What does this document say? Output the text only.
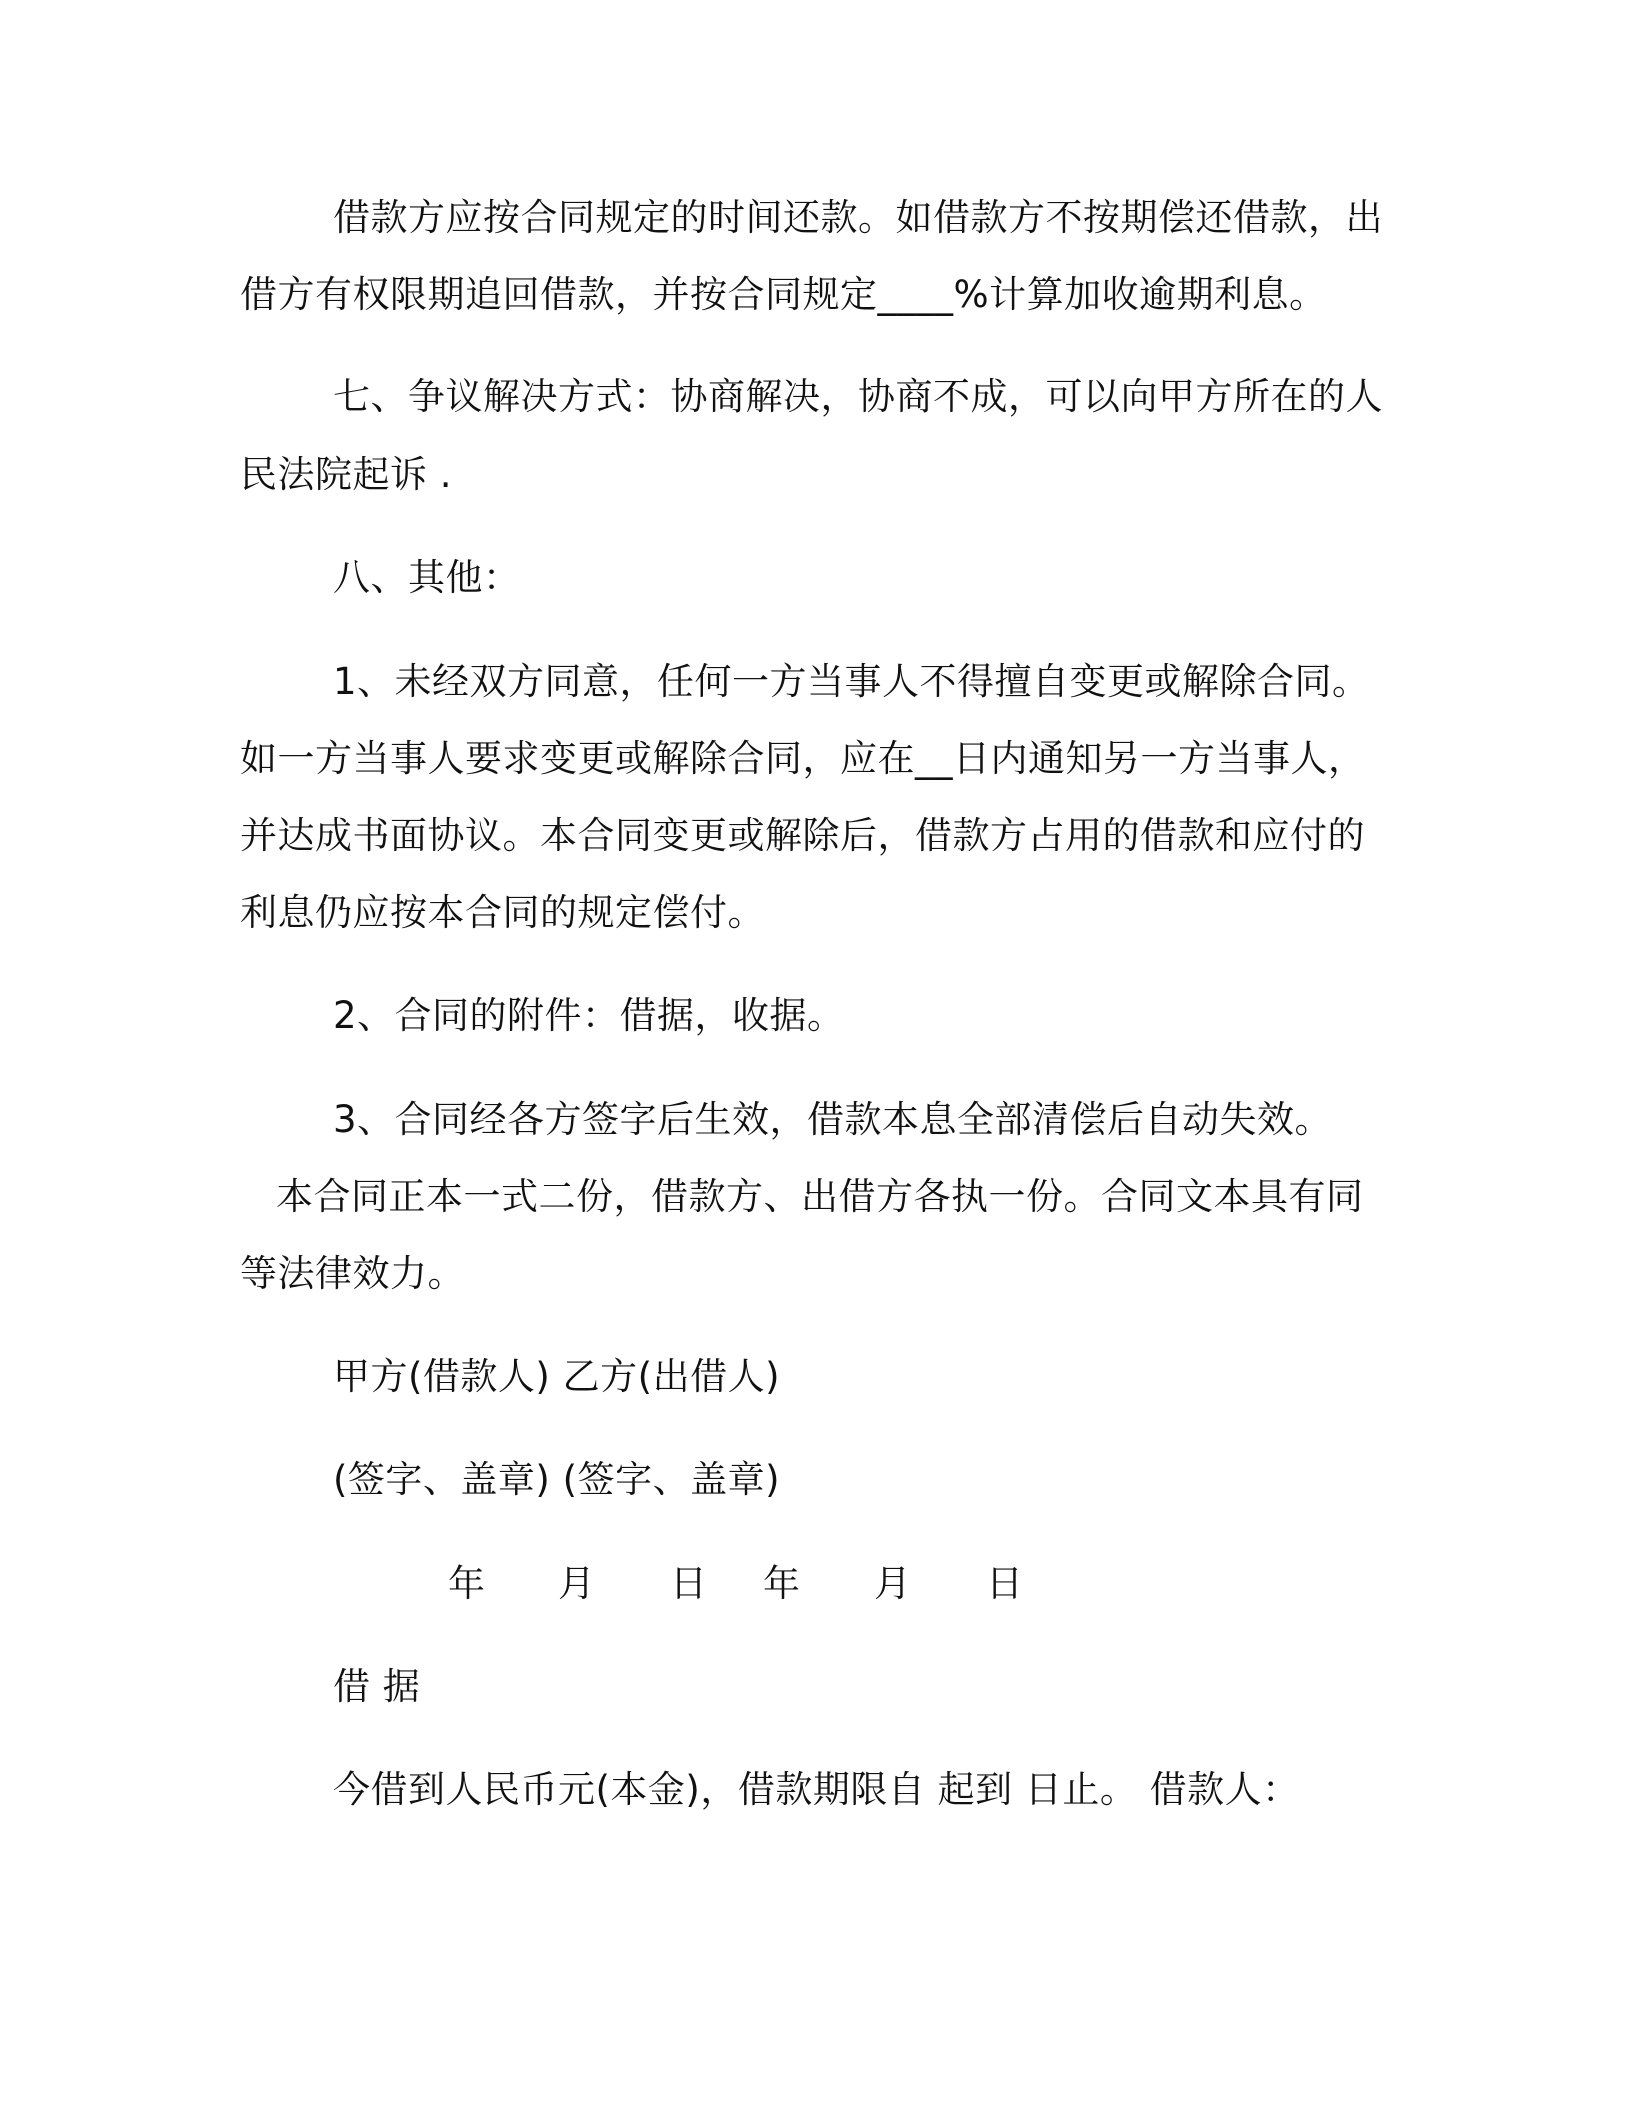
借款方应按合同规定的时间还款。如借款方不按期偿还借款，出
借方有权限期追回借款，并按合同规定____%计算加收逾期利息。
七、争议解决方式：协商解决，协商不成，可以向甲方所在的人
民法院起诉 .
八、其他：
1、未经双方同意，任何一方当事人不得擅自变更或解除合同。
如一方当事人要求变更或解除合同，应在__日内通知另一方当事人，
并达成书面协议。本合同变更或解除后，借款方占用的借款和应付的
利息仍应按本合同的规定偿付。
2、合同的附件：借据，收据。
3、合同经各方签字后生效，借款本息全部清偿后自动失效。
本合同正本一式二份，借款方、出借方各执一份。合同文本具有同
等法律效力。
甲方(借款人) 乙方(出借人)
(签字、盖章) (签字、盖章)
年 月 日 年 月 日
借 据
今借到人民币元(本金)，借款期限自 起到 日止。 借款人：
